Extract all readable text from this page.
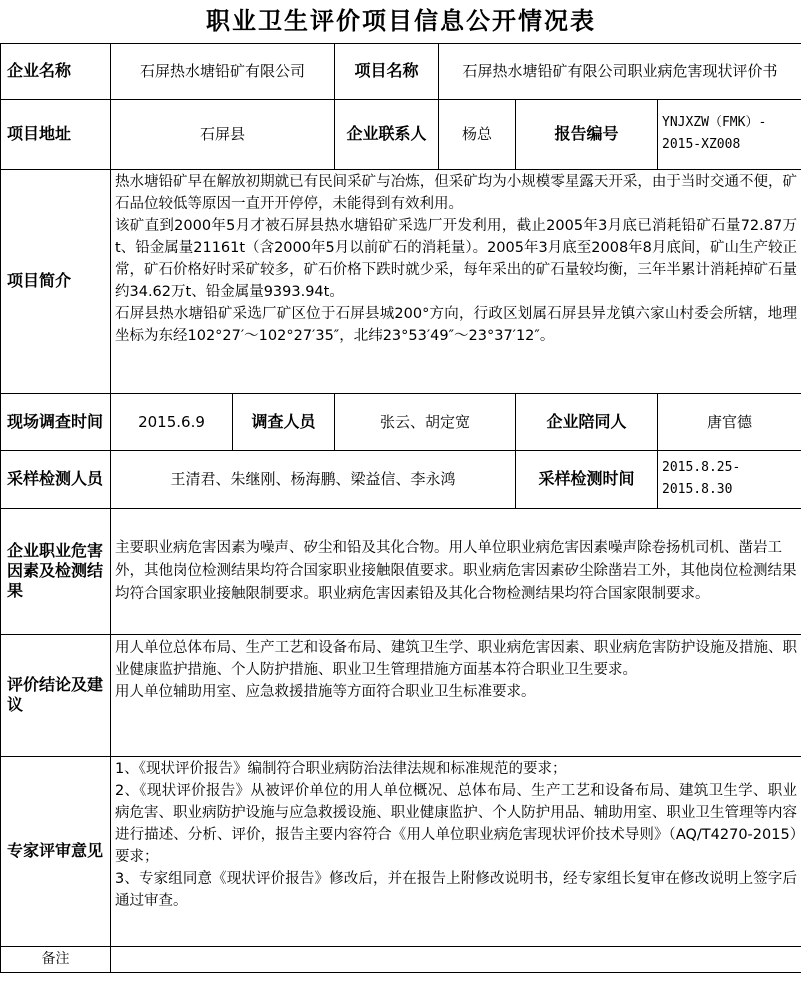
职业卫生评价项目信息公开情况表						
企业名称	石屏热水塘铅矿有限公司		项目名称	石屏热水塘铅矿有限公司职业病危害现状评价书		
项目地址	石屏县		企业联系人	杨总	报告编号	YNJXZW（FMK）-
2015-XZ008

项目简介	热水塘铅矿早在解放初期就已有民间采矿与冶炼，但采矿均为小规模零星露天开采，由于当时交通不便，矿石品位较低等原因一直开开停停，未能得到有效利用。
该矿直到2000年5月才被石屏县热水塘铅矿采选厂开发利用，截止2005年3月底已消耗铅矿石量72.87万t、铅金属量21161t（含2000年5月以前矿石的消耗量）。2005年3月底至2008年8月底间，矿山生产较正常，矿石价格好时采矿较多，矿石价格下跌时就少采，每年采出的矿石量较均衡，三年半累计消耗掉矿石量约34.62万t、铅金属量9393.94t。
石屏县热水塘铅矿采选厂矿区位于石屏县城200°方向，行政区划属石屏县异龙镇六家山村委会所辖，地理坐标为东经102°27′～102°27′35″，北纬23°53′49″～23°37′12″。					

现场调查时间	2015.6.9	调查人员	张云、胡定宽		企业陪同人	唐官德
采样检测人员	王清君、朱继刚、杨海鹏、梁益信、李永鸿				采样检测时间	2015.8.25-
2015.8.30

企业职业危害因素及检测结果	主要职业病危害因素为噪声、矽尘和铅及其化合物。用人单位职业病危害因素噪声除卷扬机司机、凿岩工外，其他岗位检测结果均符合国家职业接触限值要求。职业病危害因素矽尘除凿岩工外，其他岗位检测结果均符合国家职业接触限制要求。职业病危害因素铅及其化合物检测结果均符合国家限制要求。					
评价结论及建议	用人单位总体布局、生产工艺和设备布局、建筑卫生学、职业病危害因素、职业病危害防护设施及措施、职业健康监护措施、个人防护措施、职业卫生管理措施方面基本符合职业卫生要求。
用人单位辅助用室、应急救援措施等方面符合职业卫生标准要求。					

专家评审意见	1、《现状评价报告》编制符合职业病防治法律法规和标准规范的要求；
2、《现状评价报告》从被评价单位的用人单位概况、总体布局、生产工艺和设备布局、建筑卫生学、职业病危害、职业病防护设施与应急救援设施、职业健康监护、个人防护用品、辅助用室、职业卫生管理等内容进行描述、分析、评价，报告主要内容符合《用人单位职业病危害现状评价技术导则》（AQ/T4270-2015）要求；
3、专家组同意《现状评价报告》修改后，并在报告上附修改说明书，经专家组长复审在修改说明上签字后通过审查。					

备注						
